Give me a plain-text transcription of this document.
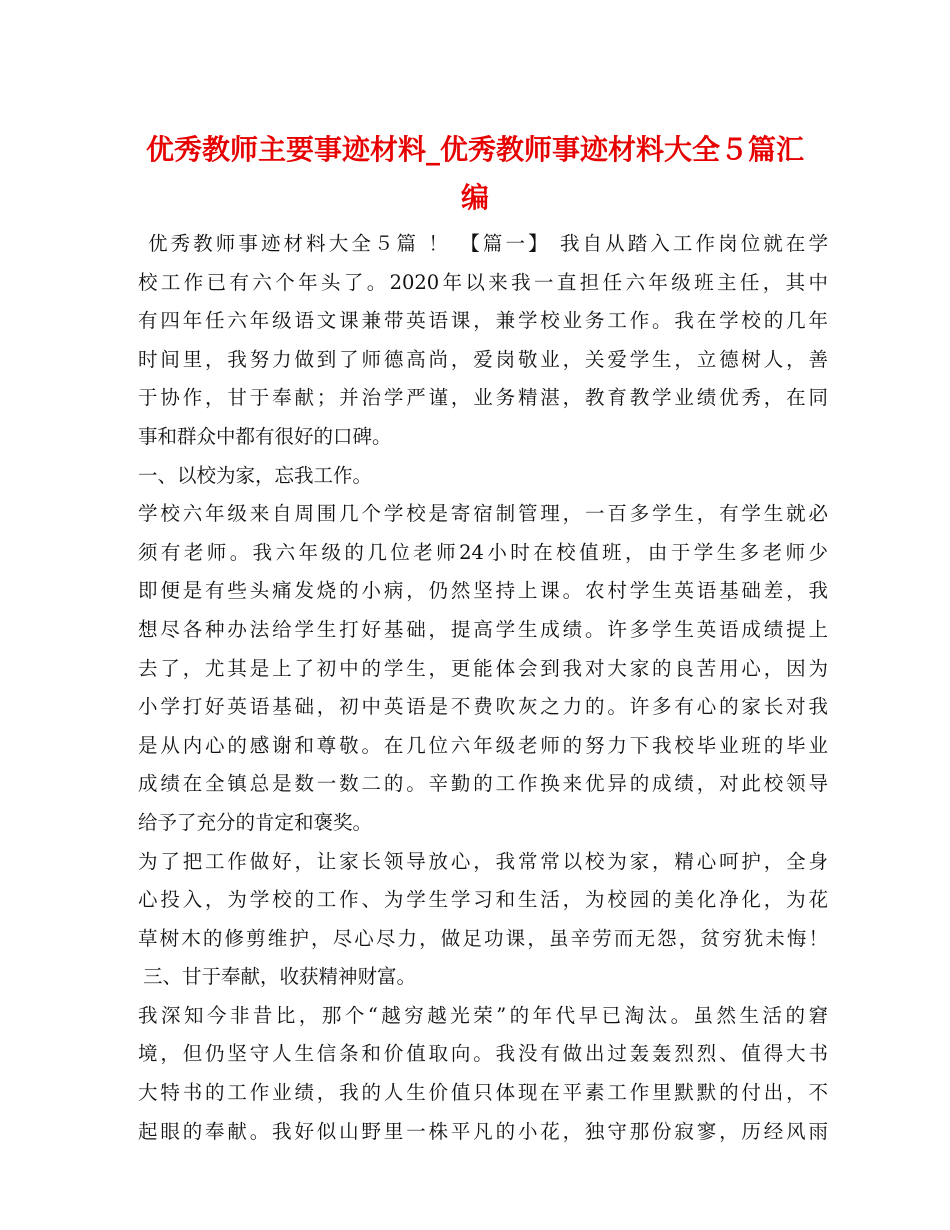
优秀教师主要事迹材料_优秀教师事迹材料大全５篇汇
编
优秀教师事迹材料大全５篇 ！ 【篇一】 我自从踏入工作岗位就在学
校工作已有六个年头了。2020年以来我一直担任六年级班主任，其中
有四年任六年级语文课兼带英语课，兼学校业务工作。我在学校的几年
时间里，我努力做到了师德高尚，爱岗敬业，关爱学生，立德树人，善
于协作，甘于奉献；并治学严谨，业务精湛，教育教学业绩优秀，在同
事和群众中都有很好的口碑。
一、以校为家，忘我工作。
学校六年级来自周围几个学校是寄宿制管理，一百多学生，有学生就必
须有老师。我六年级的几位老师24小时在校值班，由于学生多老师少
即便是有些头痛发烧的小病，仍然坚持上课。农村学生英语基础差，我
想尽各种办法给学生打好基础，提高学生成绩。许多学生英语成绩提上
去了，尤其是上了初中的学生，更能体会到我对大家的良苦用心，因为
小学打好英语基础，初中英语是不费吹灰之力的。许多有心的家长对我
是从内心的感谢和尊敬。在几位六年级老师的努力下我校毕业班的毕业
成绩在全镇总是数一数二的。辛勤的工作换来优异的成绩，对此校领导
给予了充分的肯定和褒奖。
为了把工作做好，让家长领导放心，我常常以校为家，精心呵护，全身
心投入，为学校的工作、为学生学习和生活，为校园的美化净化，为花
草树木的修剪维护，尽心尽力，做足功课，虽辛劳而无怨，贫穷犹未悔！
三、甘于奉献，收获精神财富。
我深知今非昔比，那个“越穷越光荣”的年代早已淘汰。虽然生活的窘
境，但仍坚守人生信条和价值取向。我没有做出过轰轰烈烈、值得大书
大特书的工作业绩，我的人生价值只体现在平素工作里默默的付出，不
起眼的奉献。我好似山野里一株平凡的小花，独守那份寂寥，历经风雨
